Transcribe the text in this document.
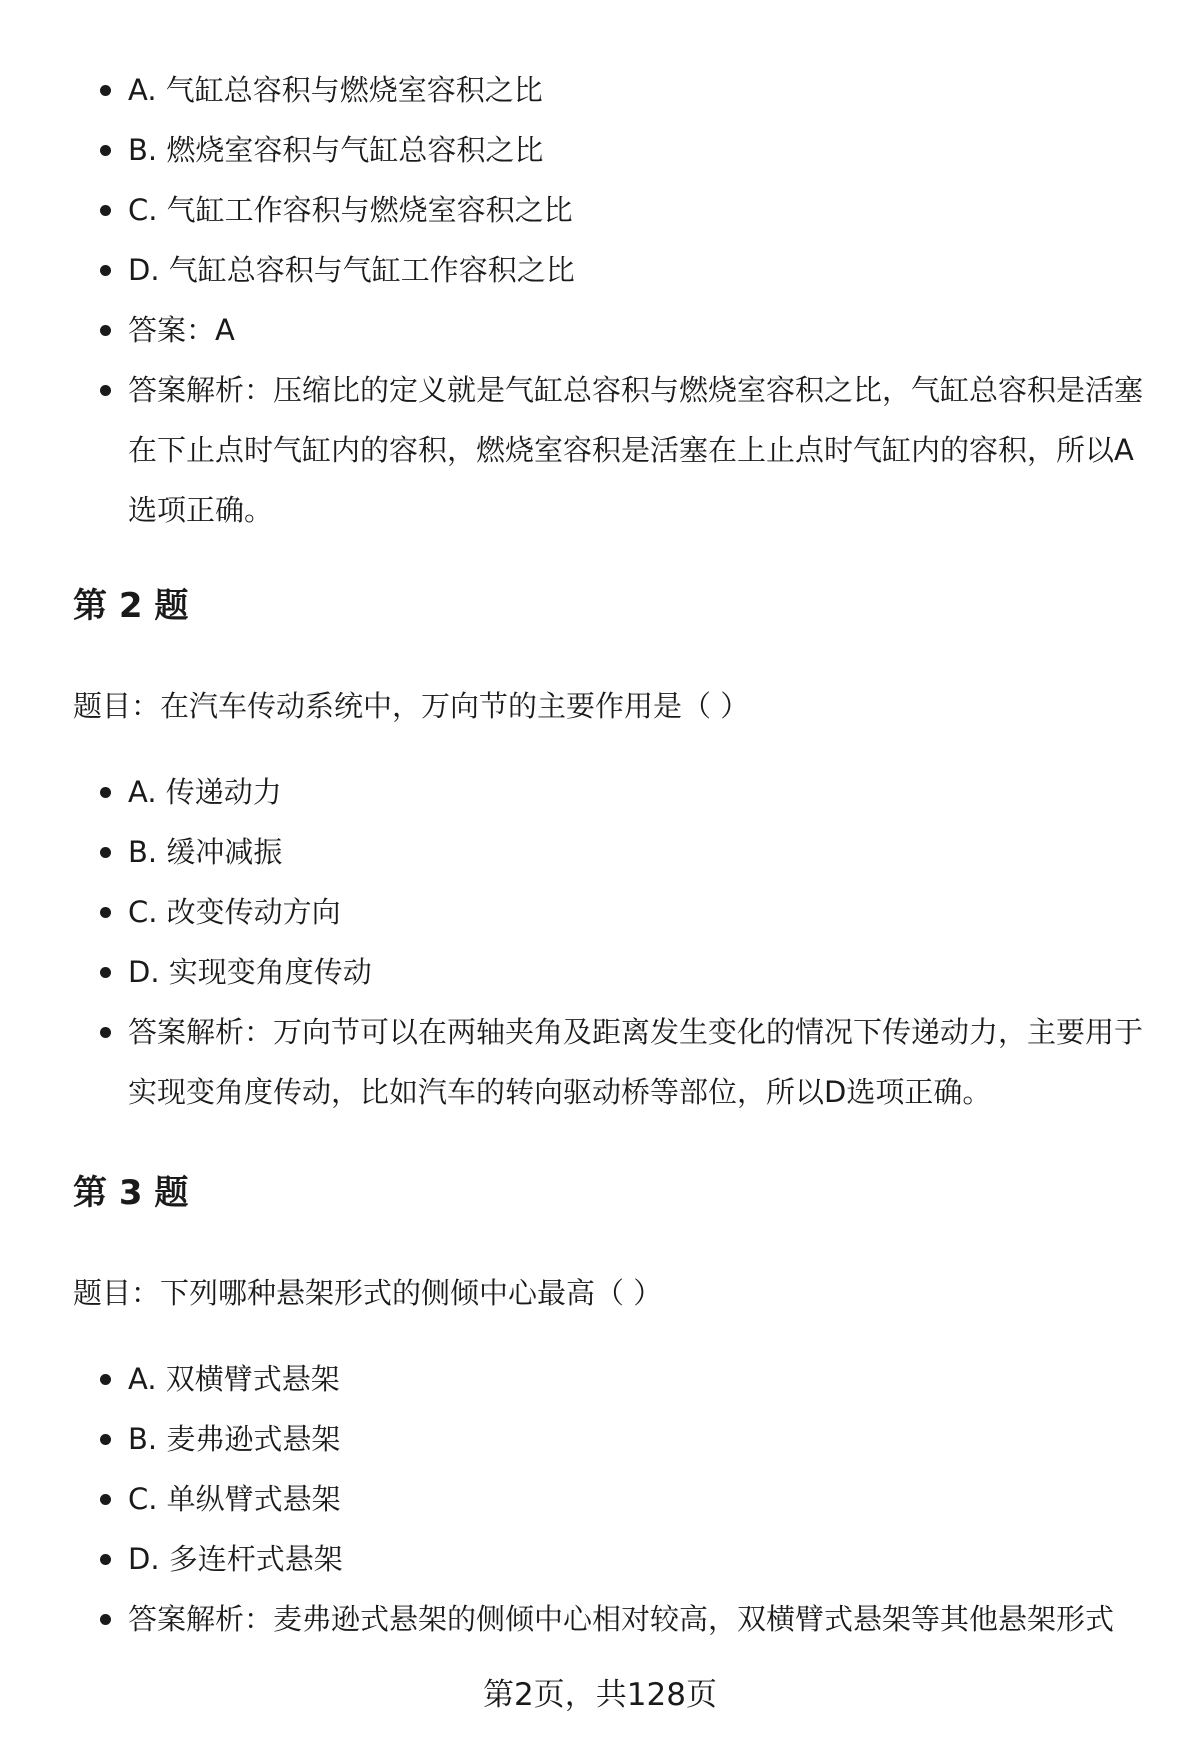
A. 气缸总容积与燃烧室容积之比
B. 燃烧室容积与气缸总容积之比
C. 气缸工作容积与燃烧室容积之比
D. 气缸总容积与气缸工作容积之比
答案：A
答案解析：压缩比的定义就是气缸总容积与燃烧室容积之比，气缸总容积是活塞在下止点时气缸内的容积，燃烧室容积是活塞在上止点时气缸内的容积，所以A选项正确。
第 2 题
题目：在汽车传动系统中，万向节的主要作用是（ ）
A. 传递动力
B. 缓冲减振
C. 改变传动方向
D. 实现变角度传动
答案解析：万向节可以在两轴夹角及距离发生变化的情况下传递动力，主要用于实现变角度传动，比如汽车的转向驱动桥等部位，所以D选项正确。
第 3 题
题目：下列哪种悬架形式的侧倾中心最高（ ）
A. 双横臂式悬架
B. 麦弗逊式悬架
C. 单纵臂式悬架
D. 多连杆式悬架
答案解析：麦弗逊式悬架的侧倾中心相对较高，双横臂式悬架等其他悬架形式
第2页，共128页
